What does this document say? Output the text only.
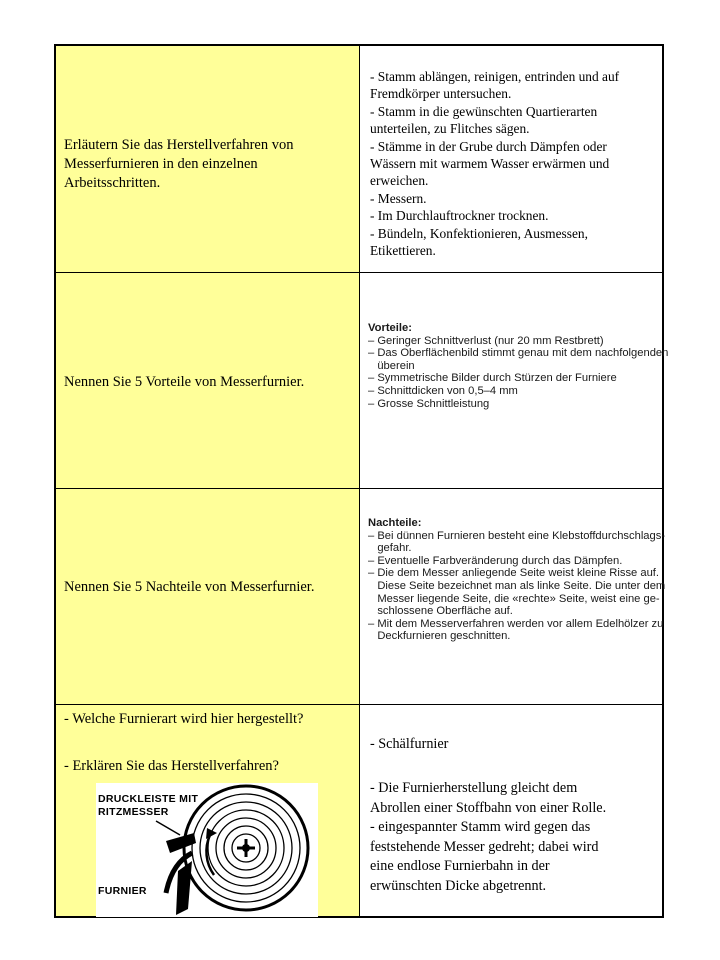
Erläutern Sie das Herstellverfahren von Messerfurnieren in den einzelnen Arbeitsschritten.
- Stamm ablängen, reinigen, entrinden und auf
Fremdkörper untersuchen.
- Stamm in die gewünschten Quartierarten
unterteilen, zu Flitches sägen.
- Stämme in der Grube durch Dämpfen oder
Wässern mit warmem Wasser erwärmen und
erweichen.
- Messern.
- Im Durchlauftrockner trocknen.
- Bündeln, Konfektionieren, Ausmessen,
Etikettieren.
Nennen Sie 5 Vorteile von Messerfurnier.
Vorteile:
– Geringer Schnittverlust (nur 20 mm Restbrett)
– Das Oberflächenbild stimmt genau mit dem nachfolgenden
überein
– Symmetrische Bilder durch Stürzen der Furniere
– Schnittdicken von 0,5–4 mm
– Grosse Schnittleistung
Nennen Sie 5 Nachteile von Messerfurnier.
Nachteile:
– Bei dünnen Furnieren besteht eine Klebstoffdurchschlags-
gefahr.
– Eventuelle Farbveränderung durch das Dämpfen.
– Die dem Messer anliegende Seite weist kleine Risse auf.
Diese Seite bezeichnet man als linke Seite. Die unter dem
Messer liegende Seite, die «rechte» Seite, weist eine ge-
schlossene Oberfläche auf.
– Mit dem Messerverfahren werden vor allem Edelhölzer zu
Deckfurnieren geschnitten.
- Welche Furnierart wird hier hergestellt?
- Erklären Sie das Herstellverfahren?
DRUCKLEISTE MIT
RITZMESSER
FURNIER
- Schälfurnier
- Die Furnierherstellung gleicht dem
Abrollen einer Stoffbahn von einer Rolle.
- eingespannter Stamm wird gegen das
feststehende Messer gedreht; dabei wird
eine endlose Furnierbahn in der
erwünschten Dicke abgetrennt.
